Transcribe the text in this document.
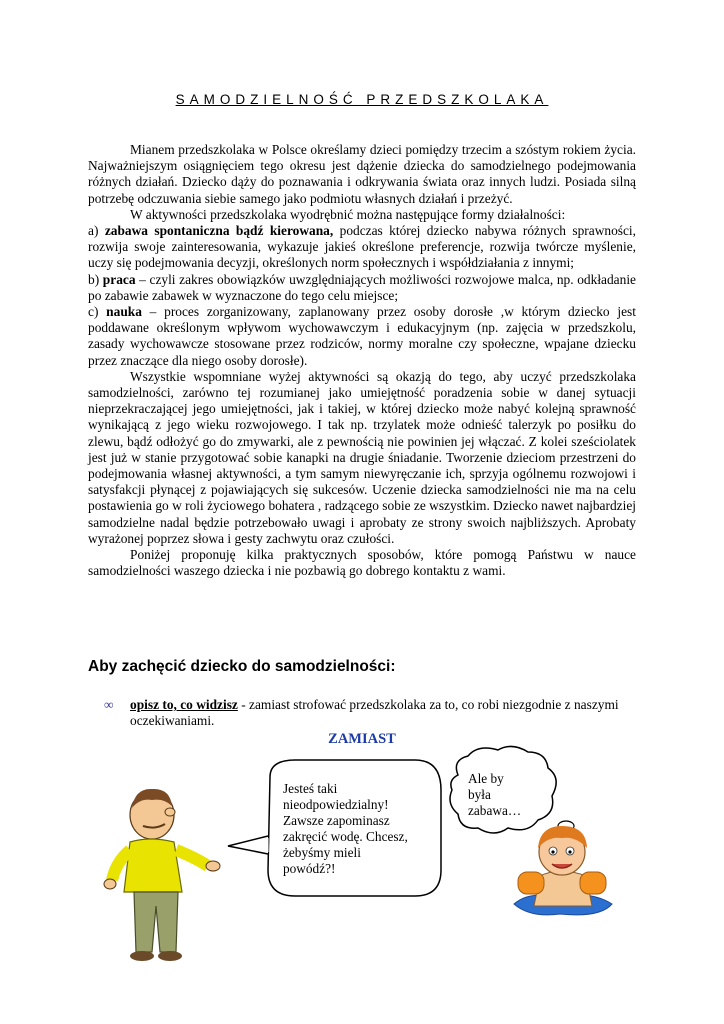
SAMODZIELNOŚĆ PRZEDSZKOLAKA

Mianem przedszkolaka w Polsce określamy dzieci pomiędzy trzecim a szóstym rokiem życia. Najważniejszym osiągnięciem tego okresu jest dążenie dziecka do samodzielnego podejmowania różnych działań. Dziecko dąży do poznawania i odkrywania świata oraz innych ludzi. Posiada silną potrzebę odczuwania siebie samego jako podmiotu własnych działań i przeżyć.

W aktywności przedszkolaka wyodrębnić można następujące formy działalności:

a) zabawa spontaniczna bądź kierowana, podczas której dziecko nabywa różnych sprawności, rozwija swoje zainteresowania, wykazuje jakieś określone preferencje, rozwija twórcze myślenie, uczy się podejmowania decyzji, określonych norm społecznych i współdziałania z innymi;

b) praca – czyli zakres obowiązków uwzględniających możliwości rozwojowe malca, np. odkładanie po zabawie zabawek w wyznaczone do tego celu miejsce;

c) nauka – proces zorganizowany, zaplanowany przez osoby dorosłe ,w którym dziecko jest poddawane określonym wpływom wychowawczym i edukacyjnym (np. zajęcia w przedszkolu, zasady wychowawcze stosowane przez rodziców, normy moralne czy społeczne, wpajane dziecku przez znaczące dla niego osoby dorosłe).

Wszystkie wspomniane wyżej aktywności są okazją do tego, aby uczyć przedszkolaka samodzielności, zarówno tej rozumianej jako umiejętność poradzenia sobie w danej sytuacji nieprzekraczającej jego umiejętności, jak i takiej, w której dziecko może nabyć kolejną sprawność wynikającą z jego wieku rozwojowego. I tak np. trzylatek może odnieść talerzyk po posiłku do zlewu, bądź odłożyć go do zmywarki, ale z pewnością nie powinien jej włączać. Z kolei sześciolatek jest już w stanie przygotować sobie kanapki na drugie śniadanie. Tworzenie dzieciom przestrzeni do podejmowania własnej aktywności, a tym samym niewyręczanie ich, sprzyja ogólnemu rozwojowi i satysfakcji płynącej z pojawiających się sukcesów. Uczenie dziecka samodzielności nie ma na celu postawienia go w roli życiowego bohatera , radzącego sobie ze wszystkim. Dziecko nawet najbardziej samodzielne nadal będzie potrzebowało uwagi i aprobaty ze strony swoich najbliższych. Aprobaty wyrażonej poprzez słowa i gesty zachwytu oraz czułości.

Poniżej proponuję kilka praktycznych sposobów, które pomogą Państwu w nauce samodzielności waszego dziecka i nie pozbawią go dobrego kontaktu z wami.

Aby zachęcić dziecko do samodzielności:
∞ opisz to, co widzisz - zamiast strofować przedszkolaka za to, co robi niezgodnie z naszymi oczekiwaniami.
ZAMIAST
Jesteś taki
nieodpowiedzialny!
Zawsze zapominasz
zakręcić wodę. Chcesz,
żebyśmy mieli
powódź?!
Ale by
była
zabawa…
